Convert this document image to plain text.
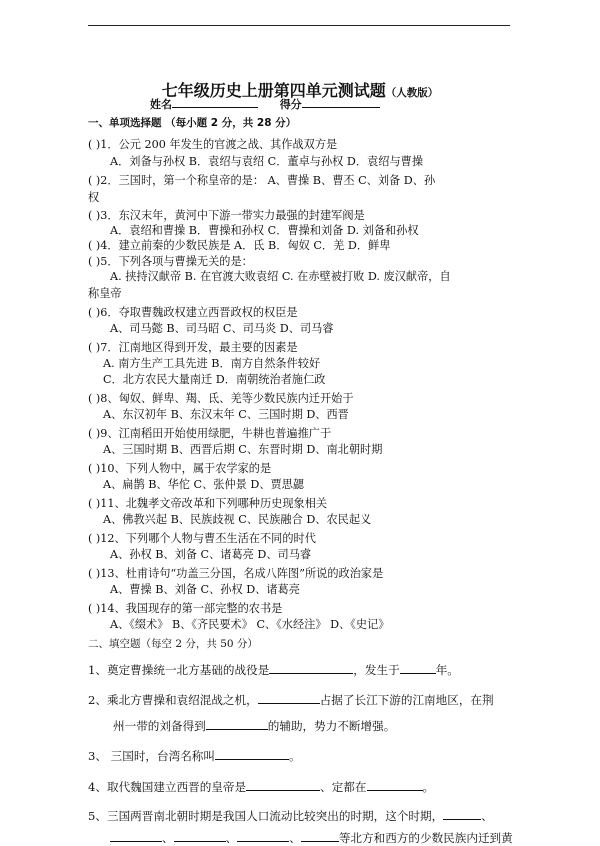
七年级历史上册第四单元测试题（人教版）
姓名	得分
一、单项选择题 （每小题 2 分，共 28 分）
( )1．公元 200 年发生的官渡之战、其作战双方是
A．刘备与孙权 B．袁绍与袁绍 C．董卓与孙权 D．袁绍与曹操
( )2．三国时，第一个称皇帝的是： A、曹操 B、曹丕 C、刘备 D、孙
权
( )3．东汉末年，黄河中下游一带实力最强的封建军阀是
A．袁绍和曹操 B．曹操和孙权 C．曹操和刘备 D. 刘备和孙权
( )4．建立前秦的少数民族是 A．氐 B．匈奴 C．羌 D．鲜卑
( )5．下列各项与曹操无关的是：
A. 挟持汉献帝 B. 在官渡大败袁绍 C. 在赤壁被打败 D. 废汉献帝，自
称皇帝
( )6．夺取曹魏政权建立西晋政权的权臣是
A、司马懿 B、司马昭 C、司马炎 D、司马睿
( )7．江南地区得到开发，最主要的因素是
A. 南方生产工具先进 B．南方自然条件较好
C．北方农民大量南迁 D．南朝统治者施仁政
( )8、匈奴、鲜卑、羯、氐、羌等少数民族内迁开始于
A、东汉初年 B、东汉末年 C、三国时期 D、西晋
( )9、江南稻田开始使用绿肥，牛耕也普遍推广于
A、三国时期 B、西晋后期 C、东晋时期 D、南北朝时期
( )10、下列人物中，属于农学家的是
A、扁鹊 B、华佗 C、张仲景 D、贾思勰
( )11、北魏孝文帝改革和下列哪种历史现象相关
A、佛教兴起 B、民族歧视 C、民族融合 D、农民起义
( )12、下列哪个人物与曹丕生活在不同的时代
A、孙权 B、刘备 C、诸葛亮 D、司马睿
( )13、杜甫诗句“功盖三分国，名成八阵图”所说的政治家是
A、曹操 B、刘备 C、孙权 D、诸葛亮
( )14、我国现存的第一部完整的农书是
A、《缀术》 B、《齐民要术》 C、《水经注》 D、《史记》
二、填空题（每空 2 分，共 50 分）
1、奠定曹操统一北方基础的战役是	，发生于	年。
2、乘北方曹操和袁绍混战之机，	占据了长江下游的江南地区，在荆
州一带的刘备得到	的辅助，势力不断增强。
3、 三国时，台湾名称叫	。
4、取代魏国建立西晋的皇帝是	、定都在	。
5、三国两晋南北朝时期是我国人口流动比较突出的时期，这个时期，	、
、	、	、	等北方和西方的少数民族内迁到黄
